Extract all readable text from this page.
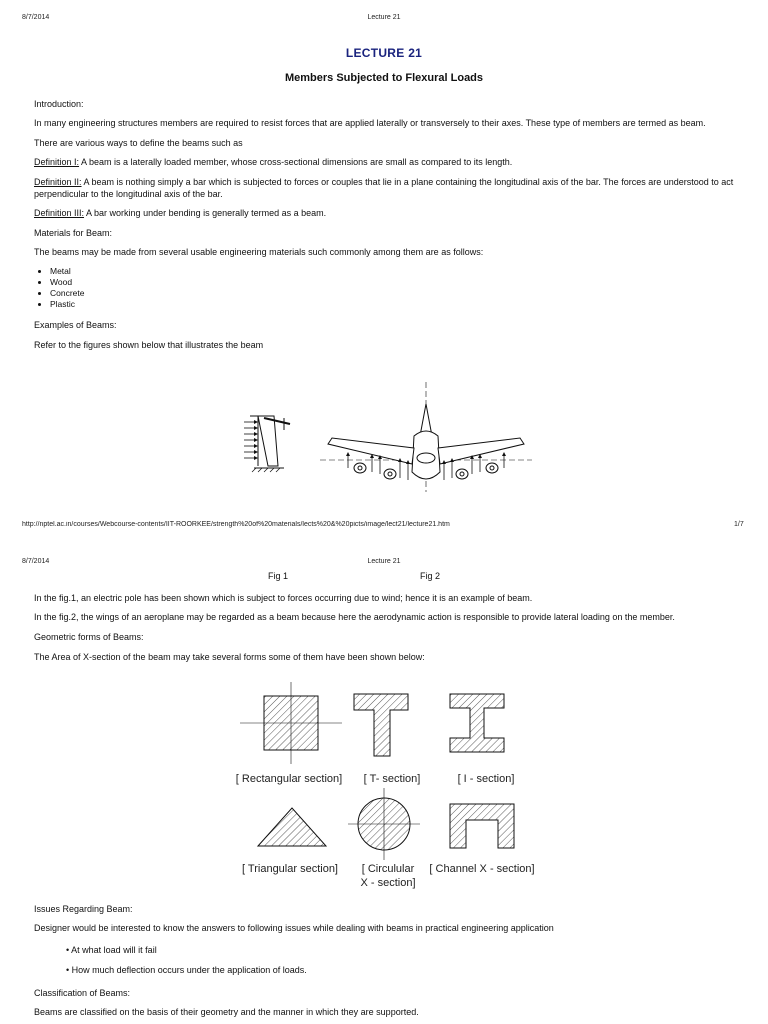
8/7/2014	Lecture 21
LECTURE 21
Members Subjected to Flexural Loads
Introduction:
In many engineering structures members are required to resist forces that are applied laterally or transversely to their axes. These type of members are termed as beam.
There are various ways to define the beams such as
Definition I: A beam is a laterally loaded member, whose cross-sectional dimensions are small as compared to its length.
Definition II: A beam is nothing simply a bar which is subjected to forces or couples that lie in a plane containing the longitudinal axis of the bar. The forces are understood to act perpendicular to the longitudinal axis of the bar.
Definition III: A bar working under bending is generally termed as a beam.
Materials for Beam:
The beams may be made from several usable engineering materials such commonly among them are as follows:
• Metal
• Wood
• Concrete
• Plastic
Examples of Beams:
Refer to the figures shown below that illustrates the beam
http://nptel.ac.in/courses/Webcourse-contents/IIT-ROORKEE/strength%20of%20materials/lects%20&%20picts/image/lect21/lecture21.htm	1/7
8/7/2014	Lecture 21
Fig 1	Fig 2
In the fig.1, an electric pole has been shown which is subject to forces occurring due to wind; hence it is an example of beam.
In the fig.2, the wings of an aeroplane may be regarded as a beam because here the aerodynamic action is responsible to provide lateral loading on the member.
Geometric forms of Beams:
The Area of X-section of the beam may take several forms some of them have been shown below:
[ Rectangular section]	[ T- section]	[ I - section]
[ Triangular section]	[ Circulular
X - section]
[ Channel X - section]
Issues Regarding Beam:
Designer would be interested to know the answers to following issues while dealing with beams in practical engineering application
• At what load will it fail
• How much deflection occurs under the application of loads.
Classification of Beams:
Beams are classified on the basis of their geometry and the manner in which they are supported.
